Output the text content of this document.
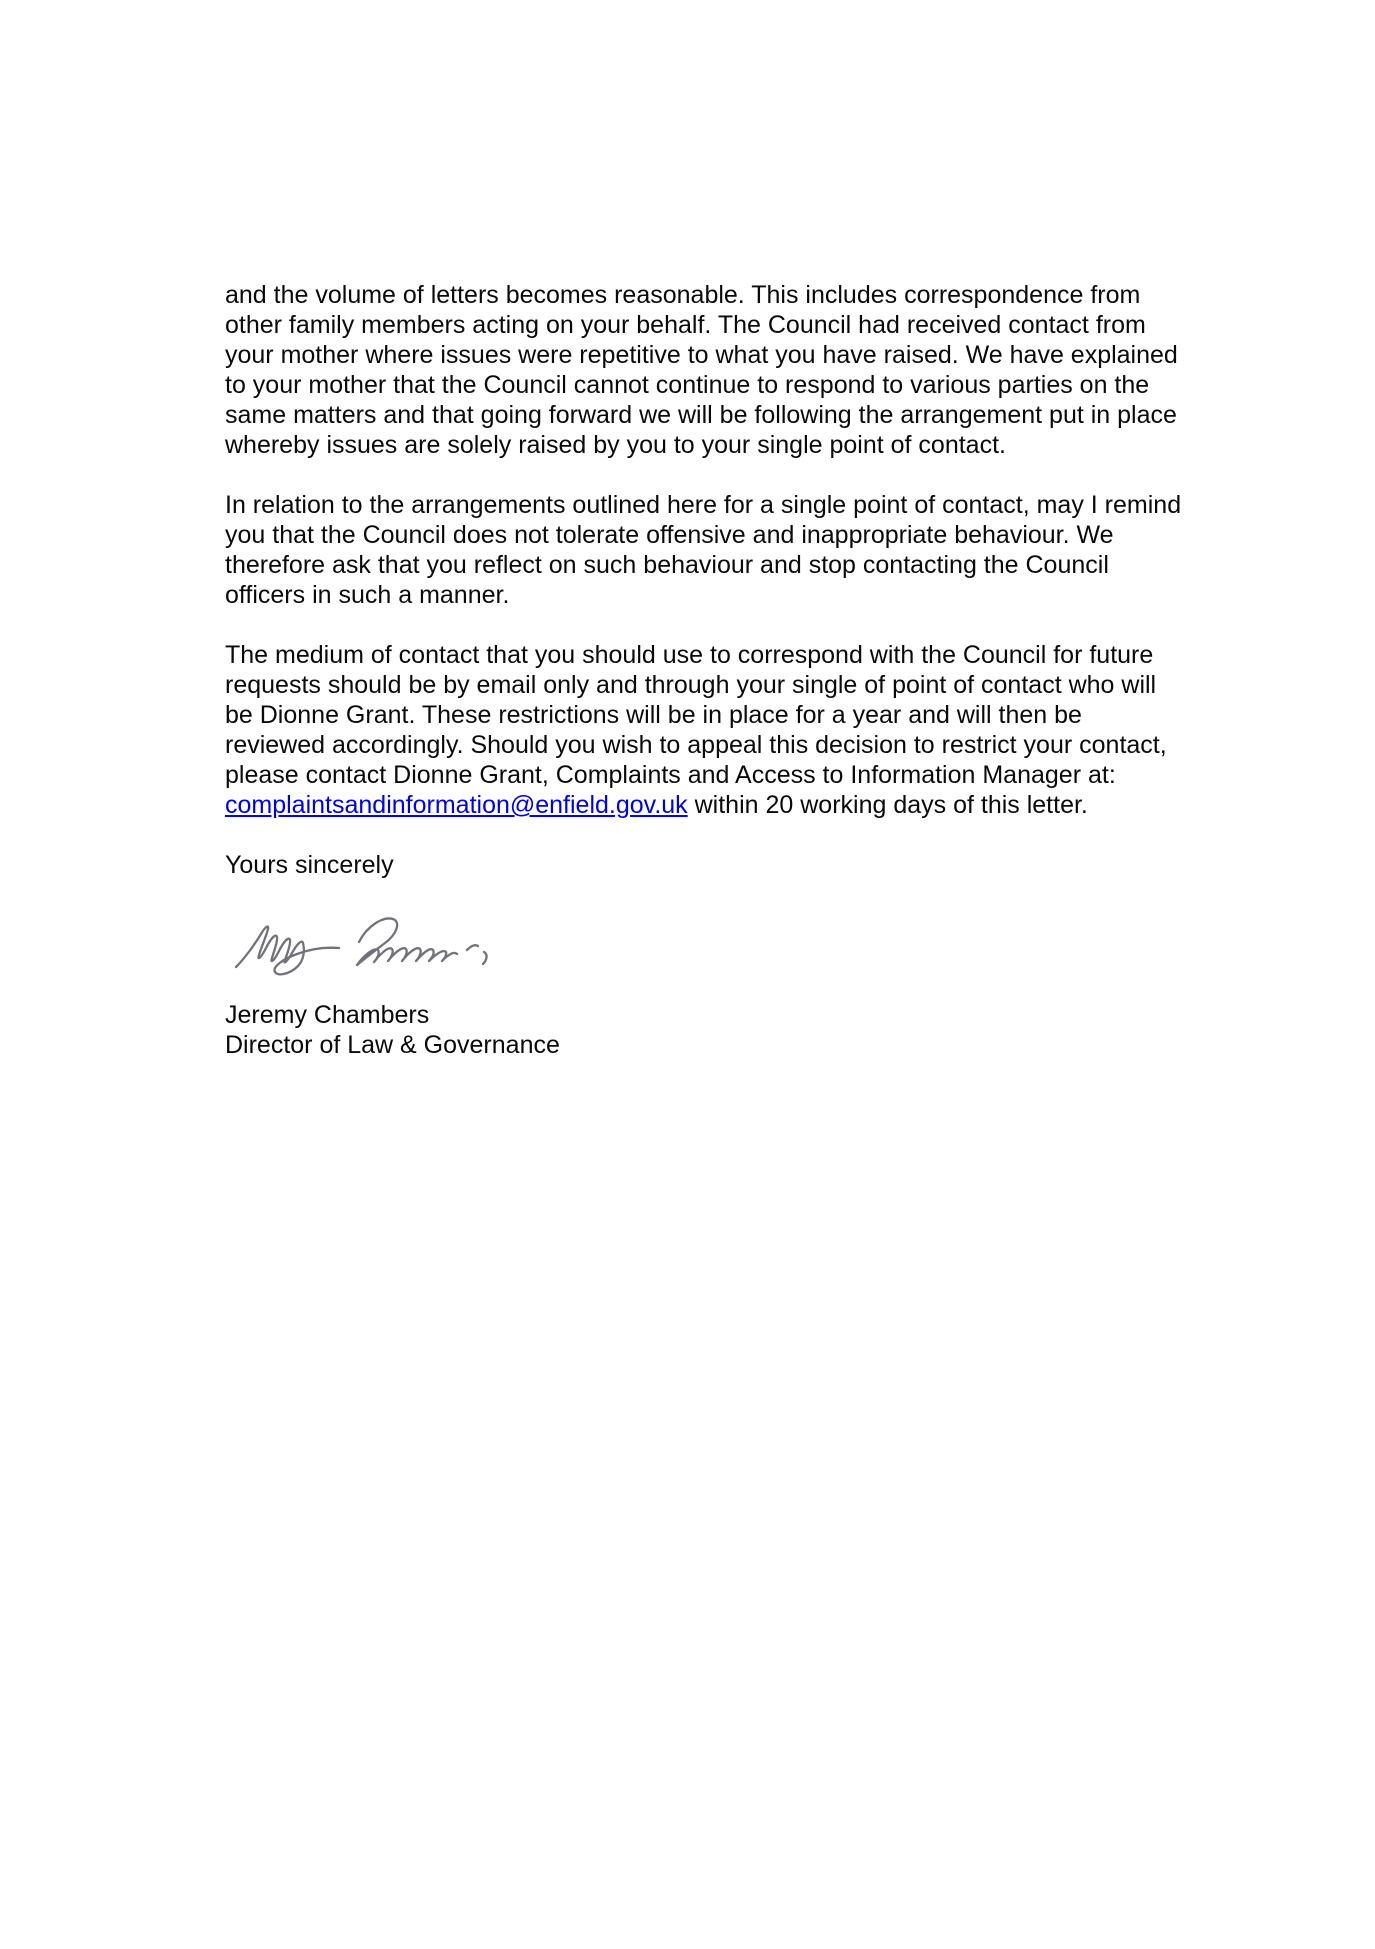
and the volume of letters becomes reasonable. This includes correspondence from
other family members acting on your behalf. The Council had received contact from
your mother where issues were repetitive to what you have raised. We have explained
to your mother that the Council cannot continue to respond to various parties on the
same matters and that going forward we will be following the arrangement put in place
whereby issues are solely raised by you to your single point of contact.
In relation to the arrangements outlined here for a single point of contact, may I remind
you that the Council does not tolerate offensive and inappropriate behaviour. We
therefore ask that you reflect on such behaviour and stop contacting the Council
officers in such a manner.
The medium of contact that you should use to correspond with the Council for future
requests should be by email only and through your single of point of contact who will
be Dionne Grant. These restrictions will be in place for a year and will then be
reviewed accordingly. Should you wish to appeal this decision to restrict your contact,
please contact Dionne Grant, Complaints and Access to Information Manager at:
complaintsandinformation@enfield.gov.uk within 20 working days of this letter.
Yours sincerely
Jeremy Chambers
Director of Law & Governance
